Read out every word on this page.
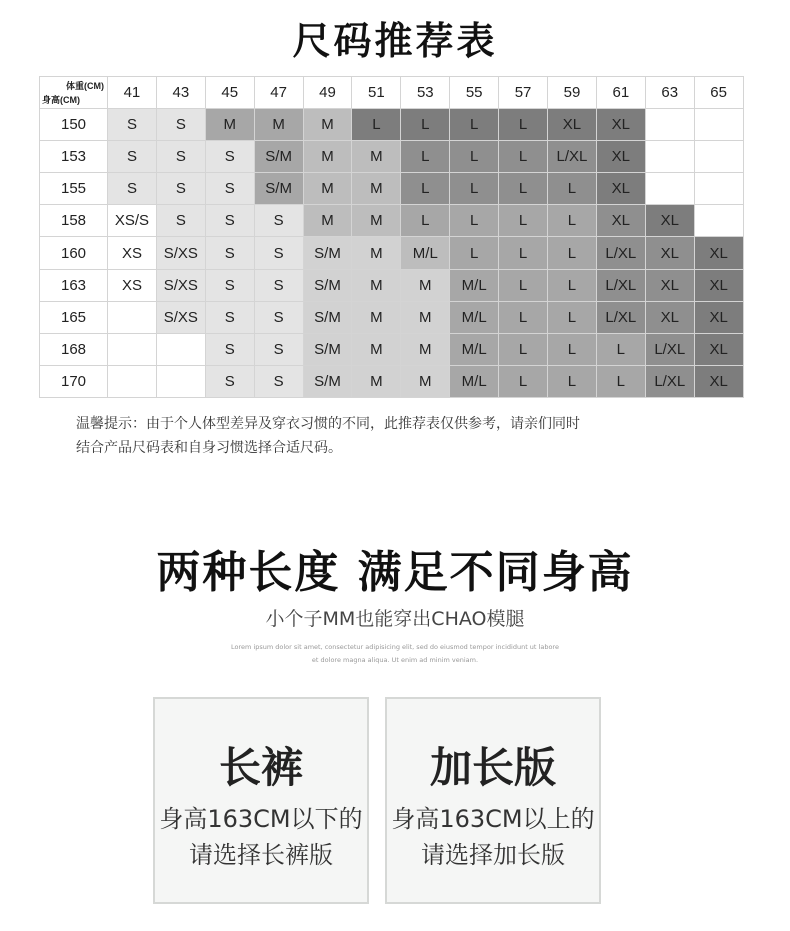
尺码推荐表
体重(CM)
身高(CM)	41	43	45	47	49	51	53	55	57	59	61	63	65
150	S	S	M	M	M	L	L	L	L	XL	XL		
153	S	S	S	S/M	M	M	L	L	L	L/XL	XL		
155	S	S	S	S/M	M	M	L	L	L	L	XL		
158	XS/S	S	S	S	M	M	L	L	L	L	XL	XL	
160	XS	S/XS	S	S	S/M	M	M/L	L	L	L	L/XL	XL	XL
163	XS	S/XS	S	S	S/M	M	M	M/L	L	L	L/XL	XL	XL
165		S/XS	S	S	S/M	M	M	M/L	L	L	L/XL	XL	XL
168			S	S	S/M	M	M	M/L	L	L	L	L/XL	XL
170			S	S	S/M	M	M	M/L	L	L	L	L/XL	XL
温馨提示：由于个人体型差异及穿衣习惯的不同，此推荐表仅供参考，请亲们同时
结合产品尺码表和自身习惯选择合适尺码。
两种长度 满足不同身高
小个子MM也能穿出CHAO模腿
Lorem ipsum dolor sit amet, consectetur adipisicing elit, sed do eiusmod tempor incididunt ut labore
et dolore magna aliqua. Ut enim ad minim veniam.
长裤
身高163CM以下的
请选择长裤版
加长版
身高163CM以上的
请选择加长版
